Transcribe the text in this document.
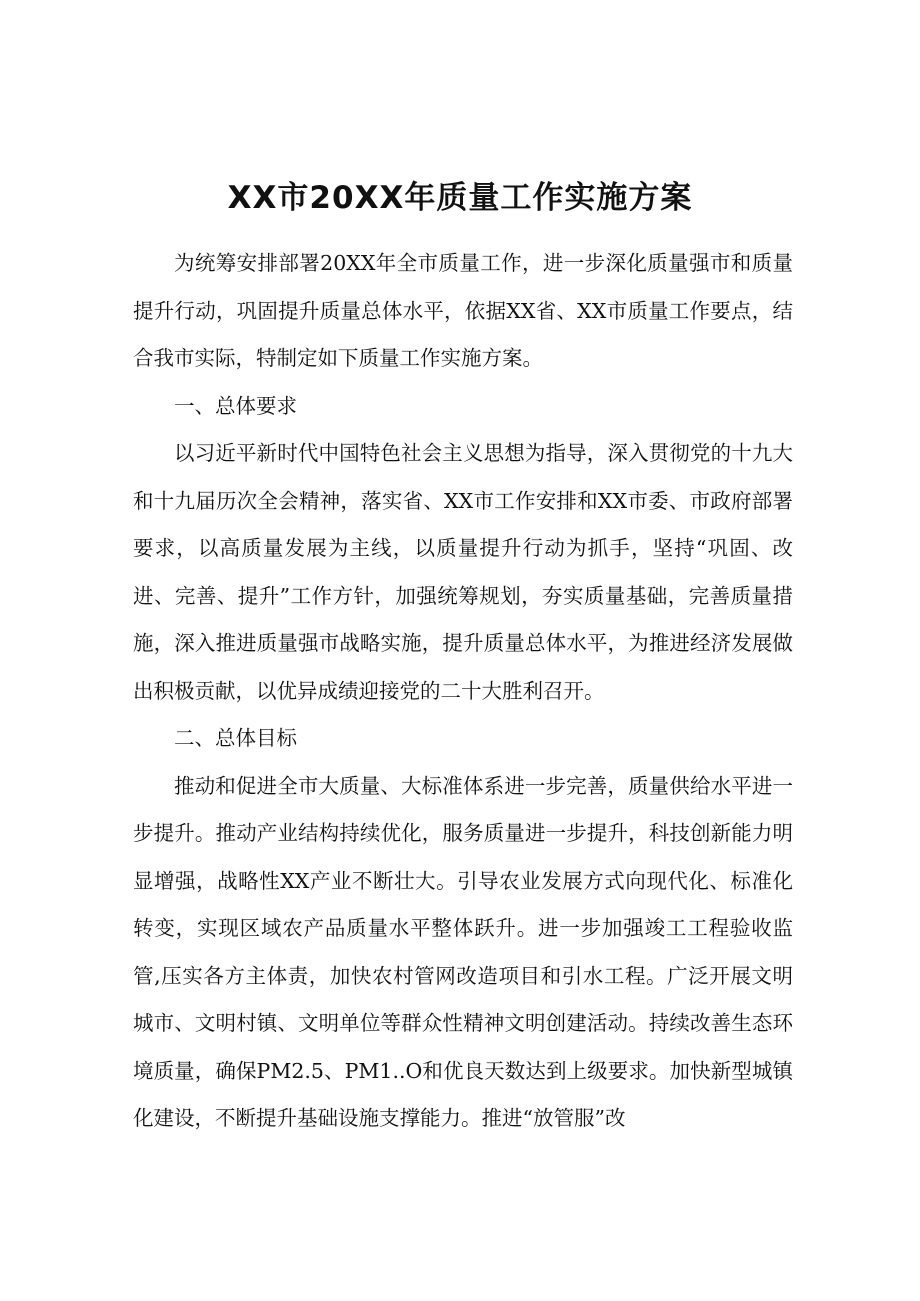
XX市20XX年质量工作实施方案

为统筹安排部署20XX年全市质量工作，进一步深化质量强市和质量提升行动，巩固提升质量总体水平，依据XX省、XX市质量工作要点，结合我市实际，特制定如下质量工作实施方案。

一、总体要求

以习近平新时代中国特色社会主义思想为指导，深入贯彻党的十九大和十九届历次全会精神，落实省、XX市工作安排和XX市委、市政府部署要求，以高质量发展为主线，以质量提升行动为抓手，坚持“巩固、改进、完善、提升”工作方针，加强统筹规划，夯实质量基础，完善质量措施，深入推进质量强市战略实施，提升质量总体水平，为推进经济发展做出积极贡献，以优异成绩迎接党的二十大胜利召开。

二、总体目标

推动和促进全市大质量、大标准体系进一步完善，质量供给水平进一步提升。推动产业结构持续优化，服务质量进一步提升，科技创新能力明显增强，战略性XX产业不断壮大。引导农业发展方式向现代化、标准化转变，实现区域农产品质量水平整体跃升。进一步加强竣工工程验收监管,压实各方主体责，加快农村管网改造项目和引水工程。广泛开展文明城市、文明村镇、文明单位等群众性精神文明创建活动。持续改善生态环境质量，确保PM2.5、PM1..O和优良天数达到上级要求。加快新型城镇化建设，不断提升基础设施支撑能力。推进“放管服”改
